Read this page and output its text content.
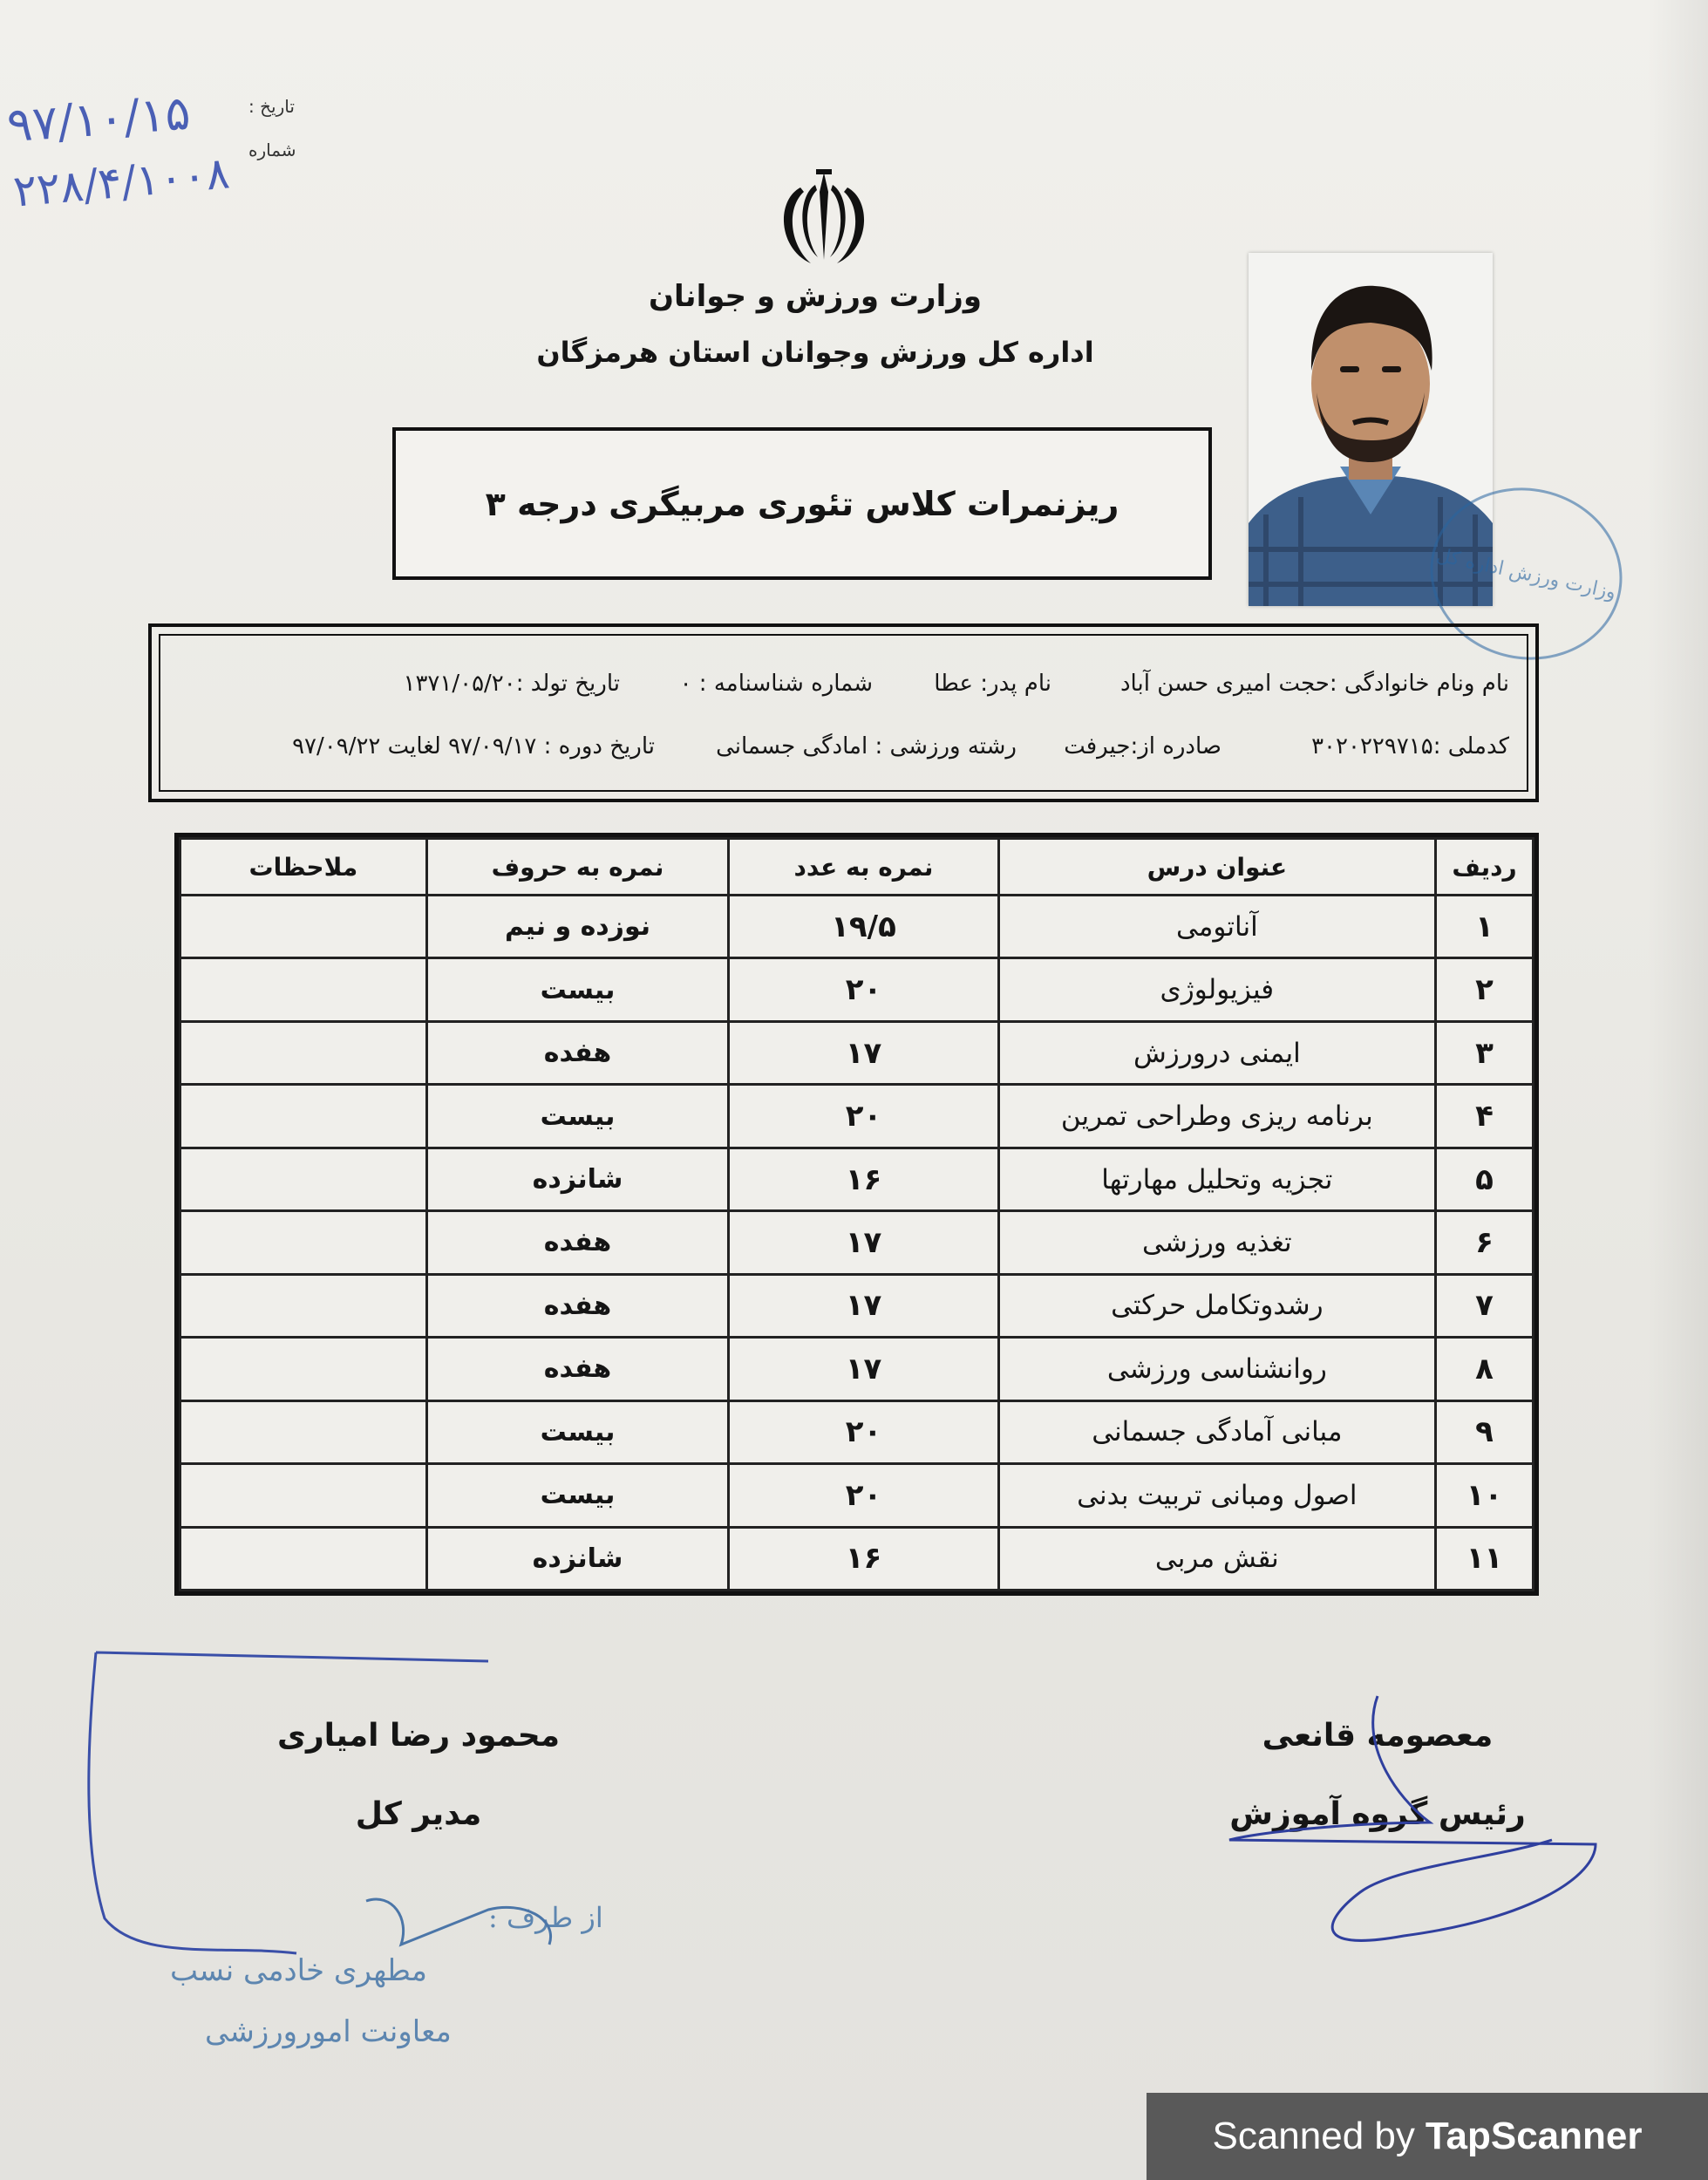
تاریخ :
شماره
۹۷/۱۰/۱۵
۲۲۸/۴/۱۰۰۸
وزارت ورزش و جوانان
اداره کل ورزش وجوانان استان هرمزگان
ریزنمرات کلاس تئوری مربیگری درجه ۳
وزارت ورزش اداره کل
نام ونام خانوادگی :حجت امیری حسن آباد
نام پدر: عطا
شماره شناسنامه : ۰
تاریخ تولد :۱۳۷۱/۰۵/۲۰
کدملی :۳۰۲۰۲۲۹۷۱۵
صادره از:جیرفت
رشته ورزشی : امادگی جسمانی
تاریخ دوره : ۹۷/۰۹/۱۷ لغایت ۹۷/۰۹/۲۲
ردیف	عنوان درس	نمره به عدد	نمره به حروف	ملاحظات
۱	آناتومی	۱۹/۵	نوزده و نیم	
۲	فیزیولوژی	۲۰	بیست	
۳	ایمنی درورزش	۱۷	هفده	
۴	برنامه ریزی وطراحی تمرین	۲۰	بیست	
۵	تجزیه وتحلیل مهارتها	۱۶	شانزده	
۶	تغذیه ورزشی	۱۷	هفده	
۷	رشدوتکامل حرکتی	۱۷	هفده	
۸	روانشناسی ورزشی	۱۷	هفده	
۹	مبانی آمادگی جسمانی	۲۰	بیست	
۱۰	اصول ومبانی تربیت بدنی	۲۰	بیست	
۱۱	نقش مربی	۱۶	شانزده	
محمود رضا امیاری
مدیر کل
معصومه قانعی
رئیس گروه آموزش
از طرف :
مطهری خادمی نسب
معاونت امورورزشی
Scanned by TapScanner
